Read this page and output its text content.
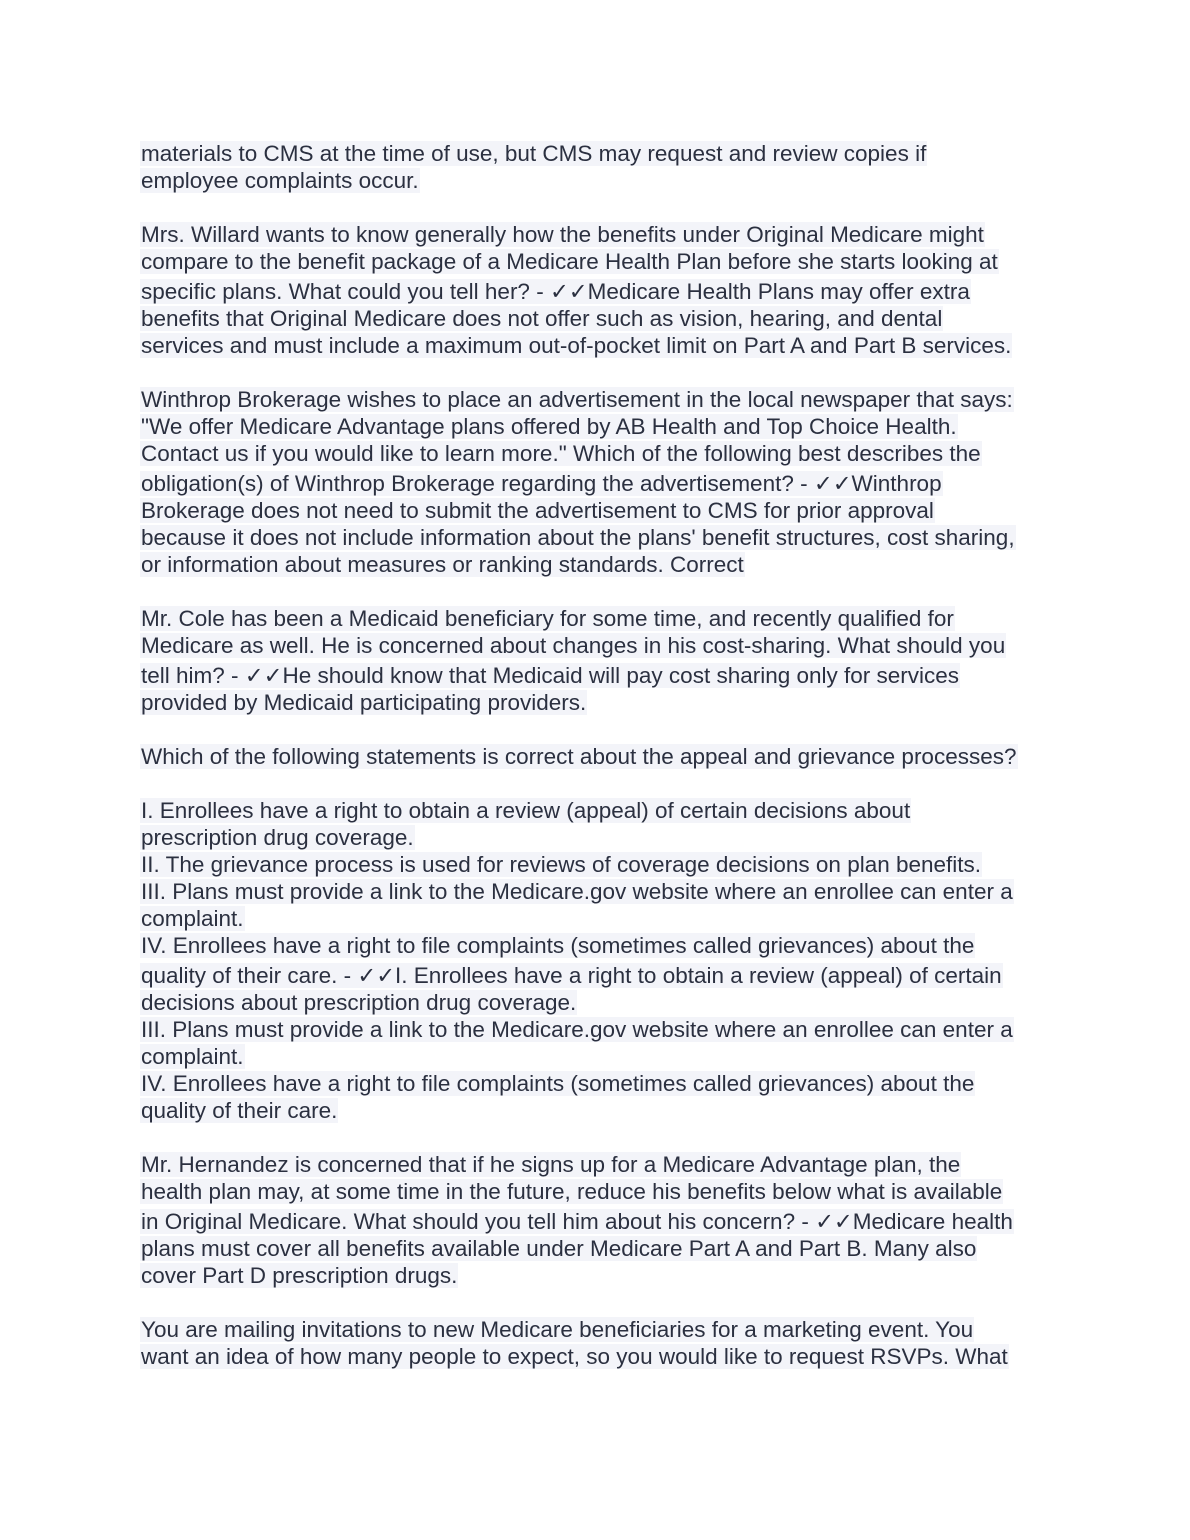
materials to CMS at the time of use, but CMS may request and review copies if
employee complaints occur.
Mrs. Willard wants to know generally how the benefits under Original Medicare might
compare to the benefit package of a Medicare Health Plan before she starts looking at
specific plans. What could you tell her? - ✓✓Medicare Health Plans may offer extra
benefits that Original Medicare does not offer such as vision, hearing, and dental
services and must include a maximum out-of-pocket limit on Part A and Part B services.
Winthrop Brokerage wishes to place an advertisement in the local newspaper that says:
"We offer Medicare Advantage plans offered by AB Health and Top Choice Health.
Contact us if you would like to learn more." Which of the following best describes the
obligation(s) of Winthrop Brokerage regarding the advertisement? - ✓✓Winthrop
Brokerage does not need to submit the advertisement to CMS for prior approval
because it does not include information about the plans' benefit structures, cost sharing,
or information about measures or ranking standards. Correct
Mr. Cole has been a Medicaid beneficiary for some time, and recently qualified for
Medicare as well. He is concerned about changes in his cost-sharing. What should you
tell him? - ✓✓He should know that Medicaid will pay cost sharing only for services
provided by Medicaid participating providers.
Which of the following statements is correct about the appeal and grievance processes?
I. Enrollees have a right to obtain a review (appeal) of certain decisions about
prescription drug coverage.
II. The grievance process is used for reviews of coverage decisions on plan benefits.
III. Plans must provide a link to the Medicare.gov website where an enrollee can enter a
complaint.
IV. Enrollees have a right to file complaints (sometimes called grievances) about the
quality of their care. - ✓✓I. Enrollees have a right to obtain a review (appeal) of certain
decisions about prescription drug coverage.
III. Plans must provide a link to the Medicare.gov website where an enrollee can enter a
complaint.
IV. Enrollees have a right to file complaints (sometimes called grievances) about the
quality of their care.
Mr. Hernandez is concerned that if he signs up for a Medicare Advantage plan, the
health plan may, at some time in the future, reduce his benefits below what is available
in Original Medicare. What should you tell him about his concern? - ✓✓Medicare health
plans must cover all benefits available under Medicare Part A and Part B. Many also
cover Part D prescription drugs.
You are mailing invitations to new Medicare beneficiaries for a marketing event. You
want an idea of how many people to expect, so you would like to request RSVPs. What
